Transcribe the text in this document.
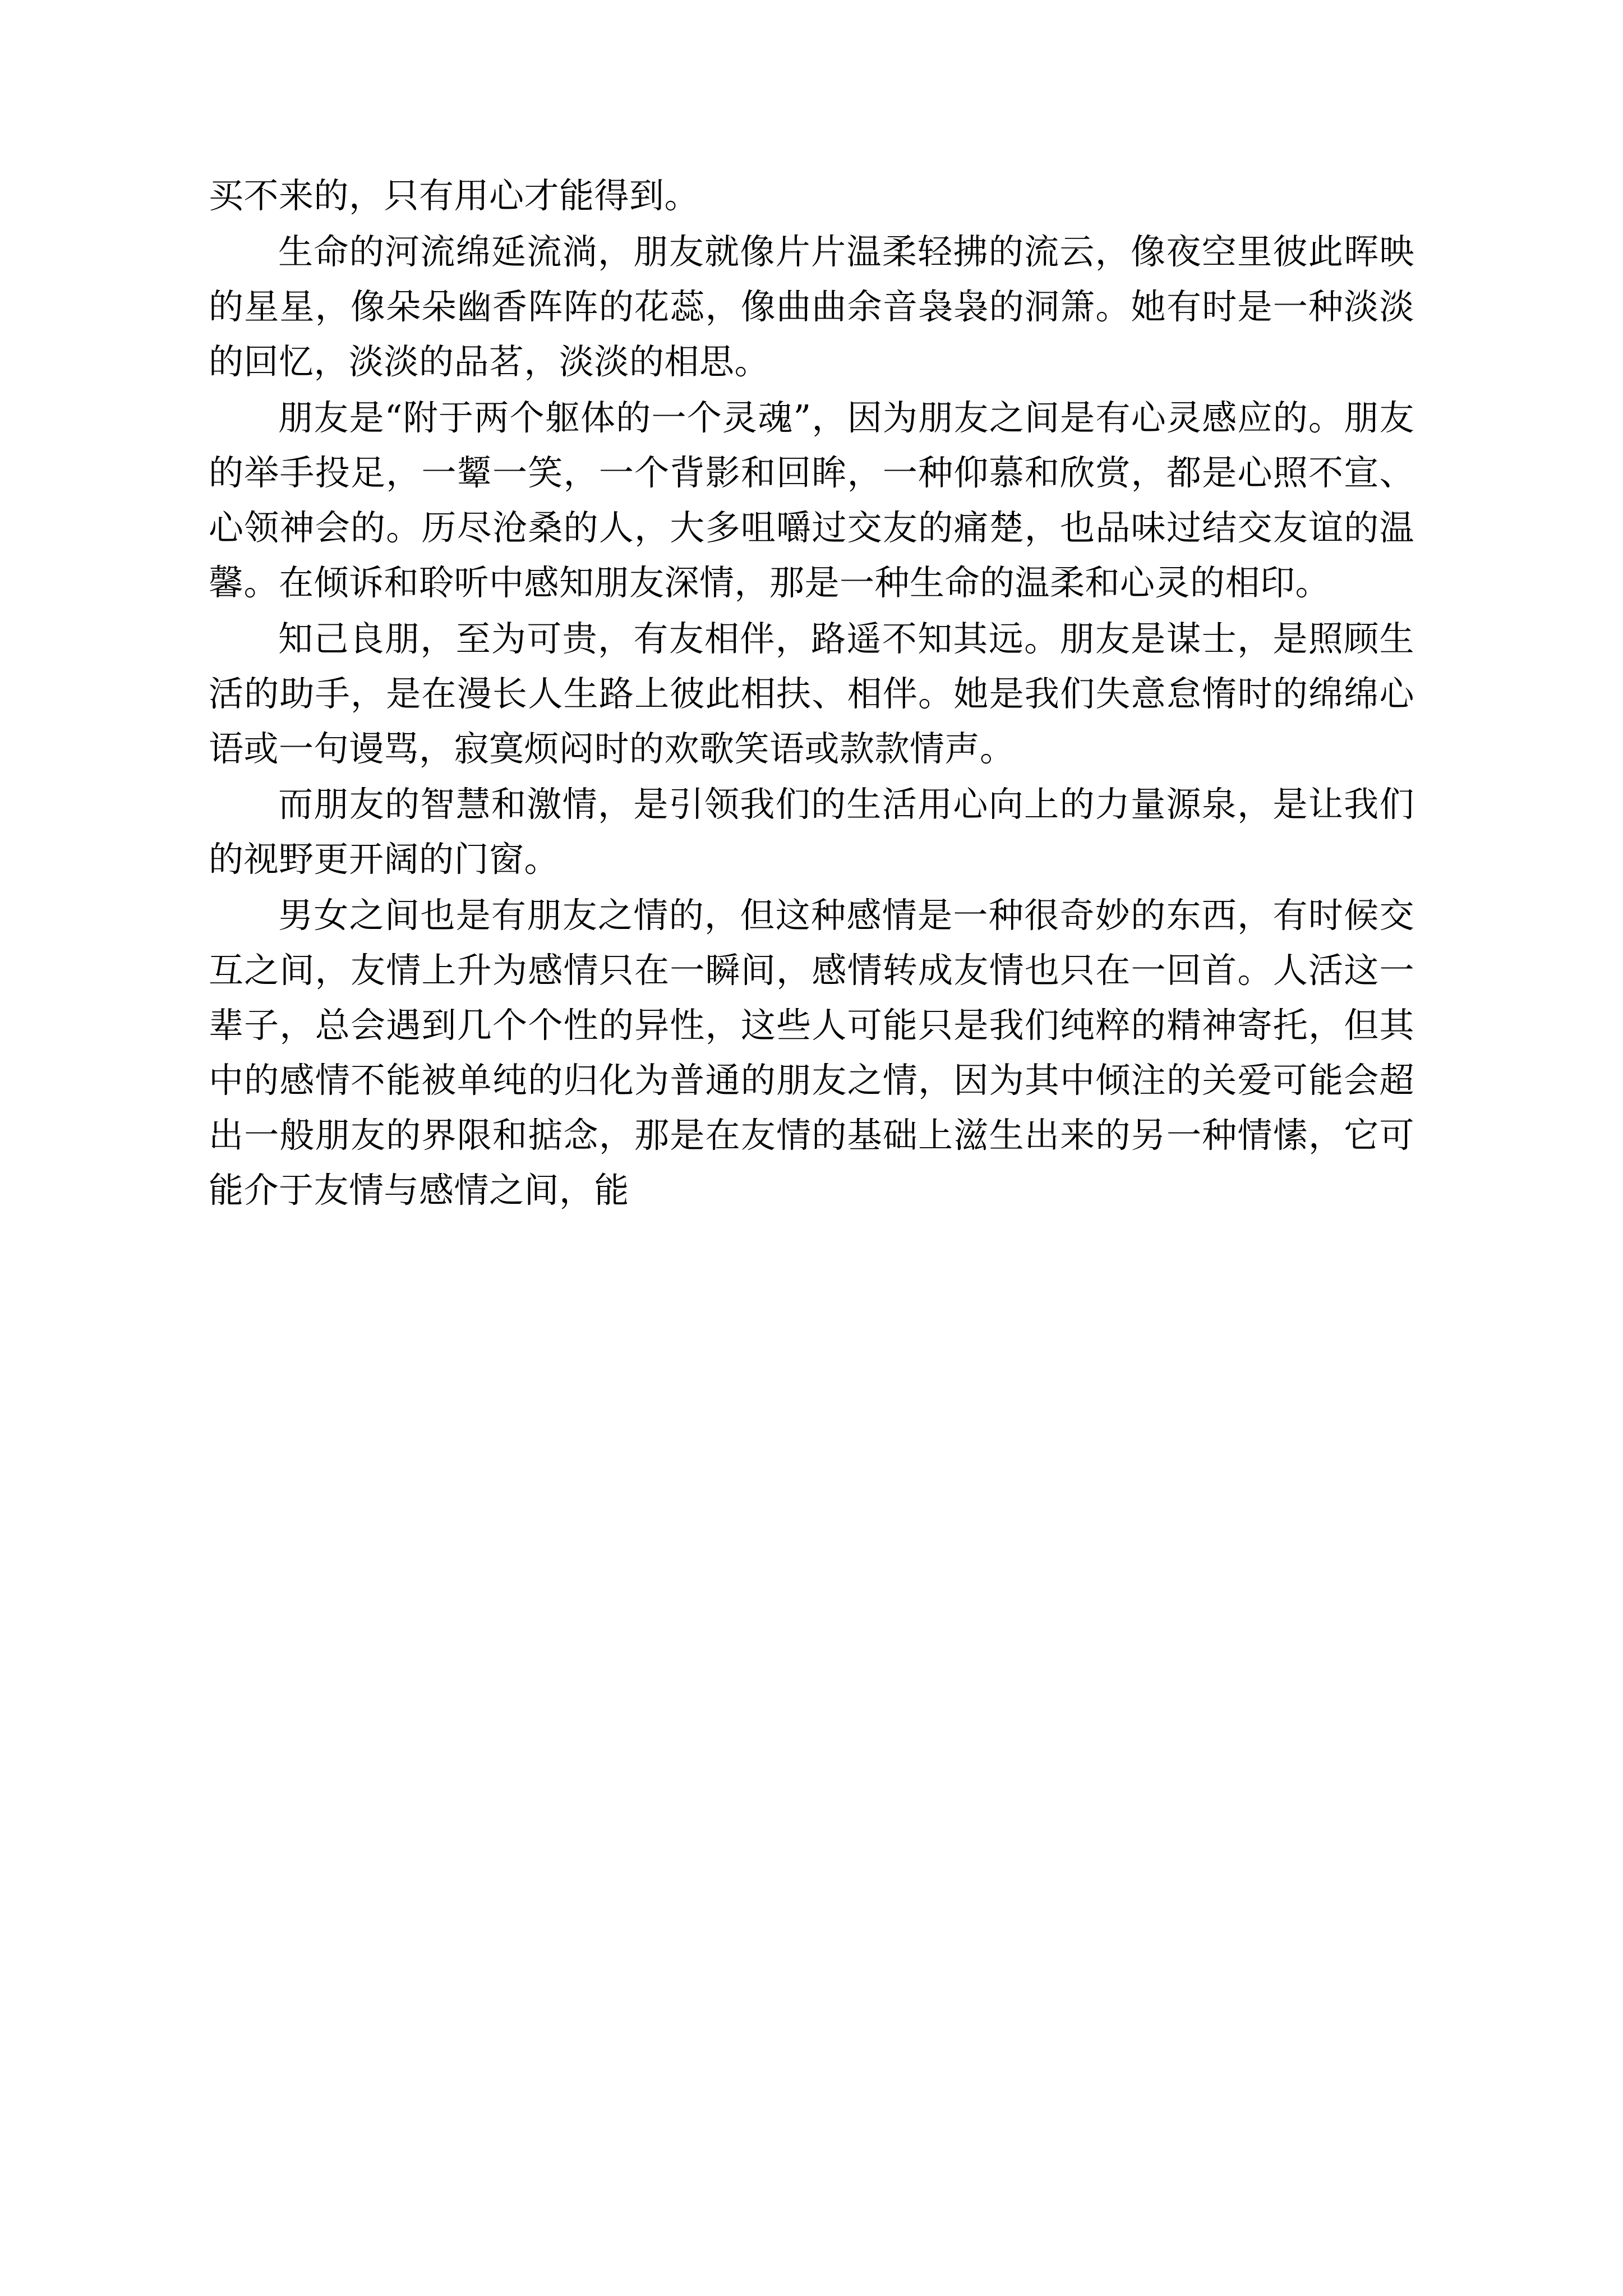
买不来的，只有用心才能得到。

生命的河流绵延流淌，朋友就像片片温柔轻拂的流云，像夜空里彼此晖映的星星，像朵朵幽香阵阵的花蕊，像曲曲余音袅袅的洞箫。她有时是一种淡淡的回忆，淡淡的品茗，淡淡的相思。

朋友是“附于两个躯体的一个灵魂”，因为朋友之间是有心灵感应的。朋友的举手投足，一颦一笑，一个背影和回眸，一种仰慕和欣赏，都是心照不宣、心领神会的。历尽沧桑的人，大多咀嚼过交友的痛楚，也品味过结交友谊的温馨。在倾诉和聆听中感知朋友深情，那是一种生命的温柔和心灵的相印。

知己良朋，至为可贵，有友相伴，路遥不知其远。朋友是谋士，是照顾生活的助手，是在漫长人生路上彼此相扶、相伴。她是我们失意怠惰时的绵绵心语或一句谩骂，寂寞烦闷时的欢歌笑语或款款情声。

而朋友的智慧和激情，是引领我们的生活用心向上的力量源泉，是让我们的视野更开阔的门窗。

男女之间也是有朋友之情的，但这种感情是一种很奇妙的东西，有时候交互之间，友情上升为感情只在一瞬间，感情转成友情也只在一回首。人活这一辈子，总会遇到几个个性的异性，这些人可能只是我们纯粹的精神寄托，但其中的感情不能被单纯的归化为普通的朋友之情，因为其中倾注的关爱可能会超出一般朋友的界限和掂念，那是在友情的基础上滋生出来的另一种情愫，它可能介于友情与感情之间，能
